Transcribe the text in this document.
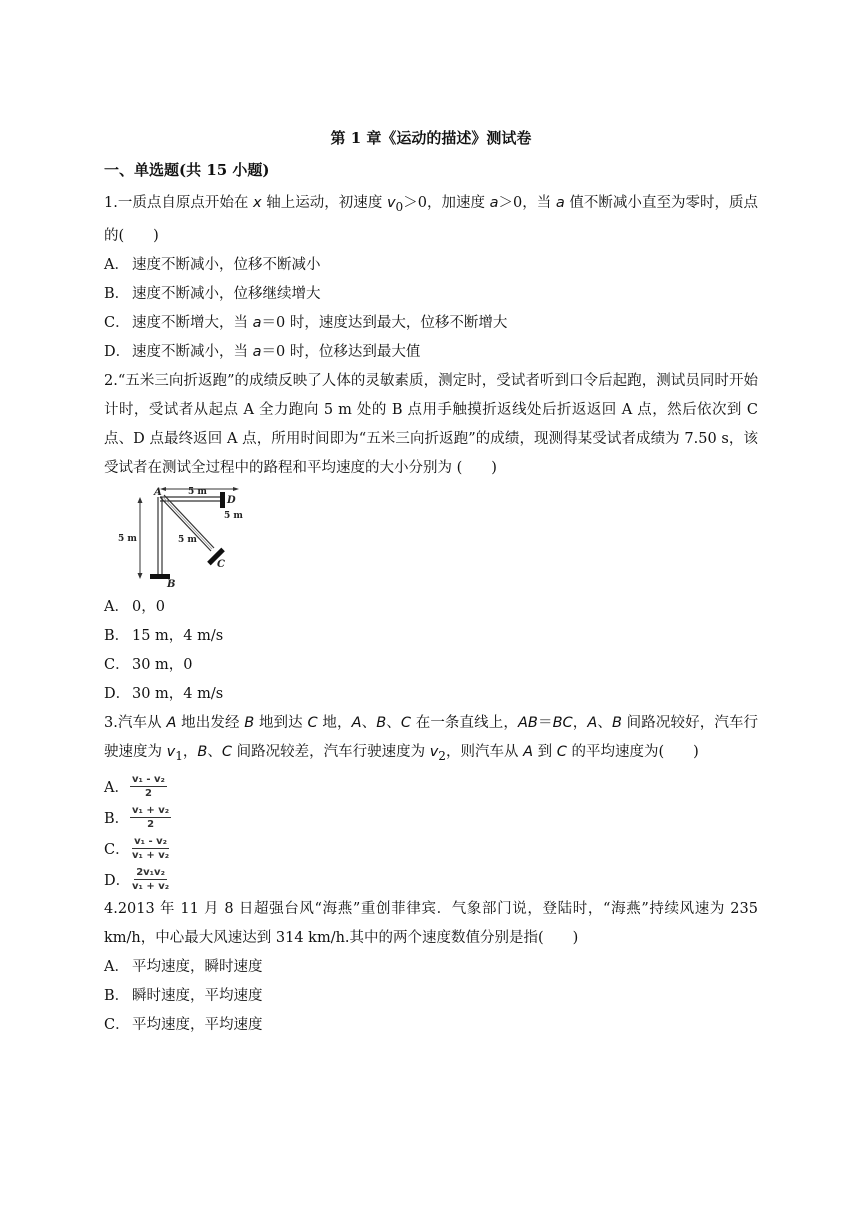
第 1 章《运动的描述》测试卷
一、单选题(共 15 小题)
1.一质点自原点开始在 x 轴上运动，初速度 $v_0>0$，加速度 a＞0，当 a 值不断减小直至为零时，质点的(　　)
A． 速度不断减小，位移不断减小
B． 速度不断减小，位移继续增大
C． 速度不断增大，当 a＝0 时，速度达到最大，位移不断增大
D． 速度不断减小，当 a＝0 时，位移达到最大值
2.“五米三向折返跑”的成绩反映了人体的灵敏素质，测定时，受试者听到口令后起跑，测试员同时开始计时，受试者从起点 A 全力跑向 5 m 处的 B 点用手触摸折返线处后折返返回 A 点，然后依次到 C 点、D 点最终返回 A 点，所用时间即为“五米三向折返跑”的成绩，现测得某受试者成绩为 7.50 s，该受试者在测试全过程中的路程和平均速度的大小分别为 (　　)
A
B
C
D
5 m
5 m	5 m
5 m
A． 0，0
B． 15 m，4 m/s
C． 30 m，0
D． 30 m，4 m/s
3.汽车从 A 地出发经 B 地到达 C 地，A、B、C 在一条直线上，AB＝BC，A、B 间路况较好，汽车行驶速度为 $v_1$，B、C 间路况较差，汽车行驶速度为 $v_2$，则汽车从 A 到 C 的平均速度为(　　)
A． $\frac{\text{v₁ - v₂}}{2}$
B． $\frac{\text{v₁ + v₂}}{2}$
C． $\frac{\text{v₁ - v₂}}{\text{v₁ + v₂}}$
D． $\frac{\text{2v₁v₂}}{\text{v₁ + v₂}}$
4.2013 年 11 月 8 日超强台风“海燕”重创菲律宾．气象部门说，登陆时，“海燕”持续风速为 235 km/h，中心最大风速达到 314 km/h.其中的两个速度数值分别是指(　　)
A． 平均速度，瞬时速度
B． 瞬时速度，平均速度
C． 平均速度，平均速度
